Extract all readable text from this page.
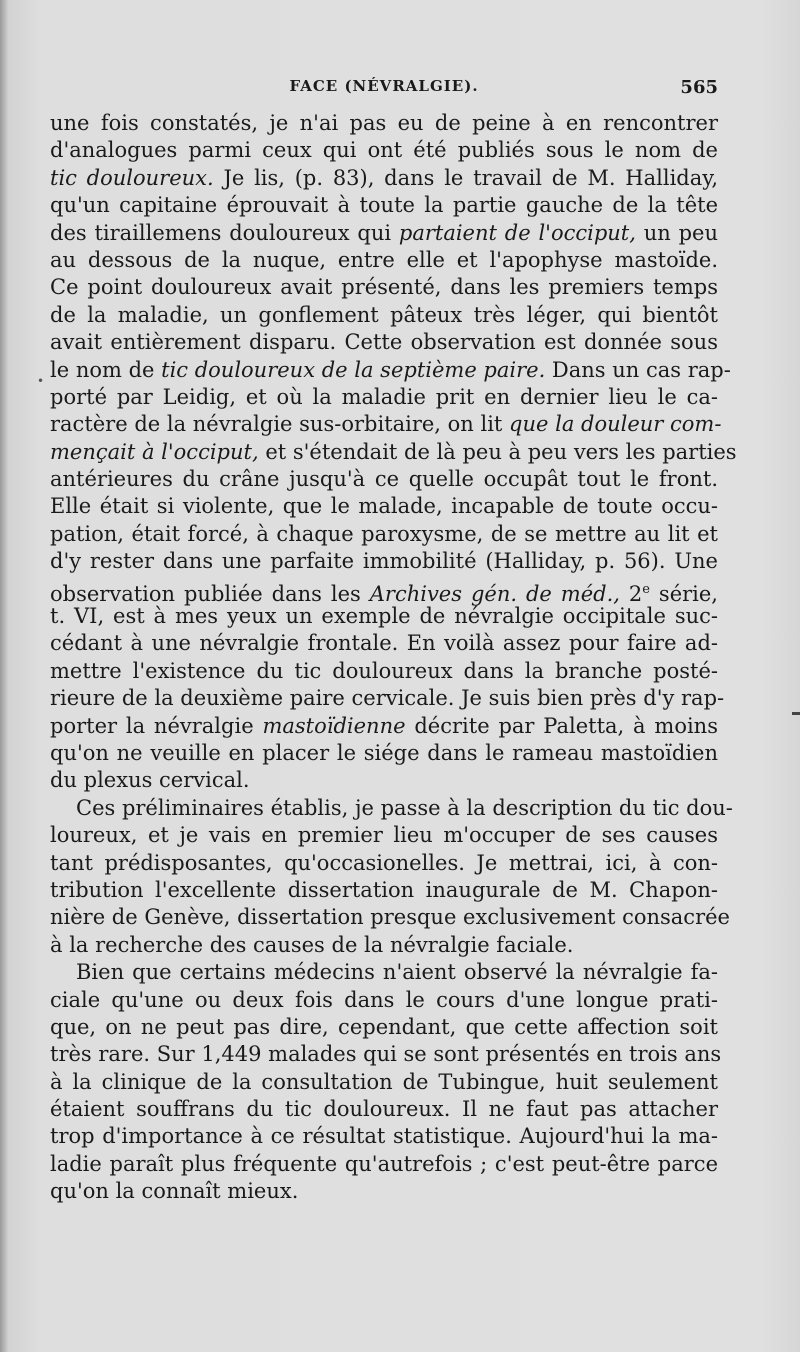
FACE (NÉVRALGIE).	565
•
une fois constatés, je n'ai pas eu de peine à en rencontrer
d'analogues parmi ceux qui ont été publiés sous le nom de
tic douloureux. Je lis, (p. 83), dans le travail de M. Halliday,
qu'un capitaine éprouvait à toute la partie gauche de la tête
des tiraillemens douloureux qui partaient de l'occiput, un peu
au dessous de la nuque, entre elle et l'apophyse mastoïde.
Ce point douloureux avait présenté, dans les premiers temps
de la maladie, un gonflement pâteux très léger, qui bientôt
avait entièrement disparu. Cette observation est donnée sous
le nom de tic douloureux de la septième paire. Dans un cas rap-
porté par Leidig, et où la maladie prit en dernier lieu le ca-
ractère de la névralgie sus-orbitaire, on lit que la douleur com-
mençait à l'occiput, et s'étendait de là peu à peu vers les parties
antérieures du crâne jusqu'à ce quelle occupât tout le front.
Elle était si violente, que le malade, incapable de toute occu-
pation, était forcé, à chaque paroxysme, de se mettre au lit et
d'y rester dans une parfaite immobilité (Halliday, p. 56). Une
observation publiée dans les Archives gén. de méd., 2e série,
t. VI, est à mes yeux un exemple de névralgie occipitale suc-
cédant à une névralgie frontale. En voilà assez pour faire ad-
mettre l'existence du tic douloureux dans la branche posté-
rieure de la deuxième paire cervicale. Je suis bien près d'y rap-
porter la névralgie mastoïdienne décrite par Paletta, à moins
qu'on ne veuille en placer le siége dans le rameau mastoïdien
du plexus cervical.
Ces préliminaires établis, je passe à la description du tic dou-
loureux, et je vais en premier lieu m'occuper de ses causes
tant prédisposantes, qu'occasionelles. Je mettrai, ici, à con-
tribution l'excellente dissertation inaugurale de M. Chapon-
nière de Genève, dissertation presque exclusivement consacrée
à la recherche des causes de la névralgie faciale.
Bien que certains médecins n'aient observé la névralgie fa-
ciale qu'une ou deux fois dans le cours d'une longue prati-
que, on ne peut pas dire, cependant, que cette affection soit
très rare. Sur 1,449 malades qui se sont présentés en trois ans
à la clinique de la consultation de Tubingue, huit seulement
étaient souffrans du tic douloureux. Il ne faut pas attacher
trop d'importance à ce résultat statistique. Aujourd'hui la ma-
ladie paraît plus fréquente qu'autrefois ; c'est peut-être parce
qu'on la connaît mieux.
